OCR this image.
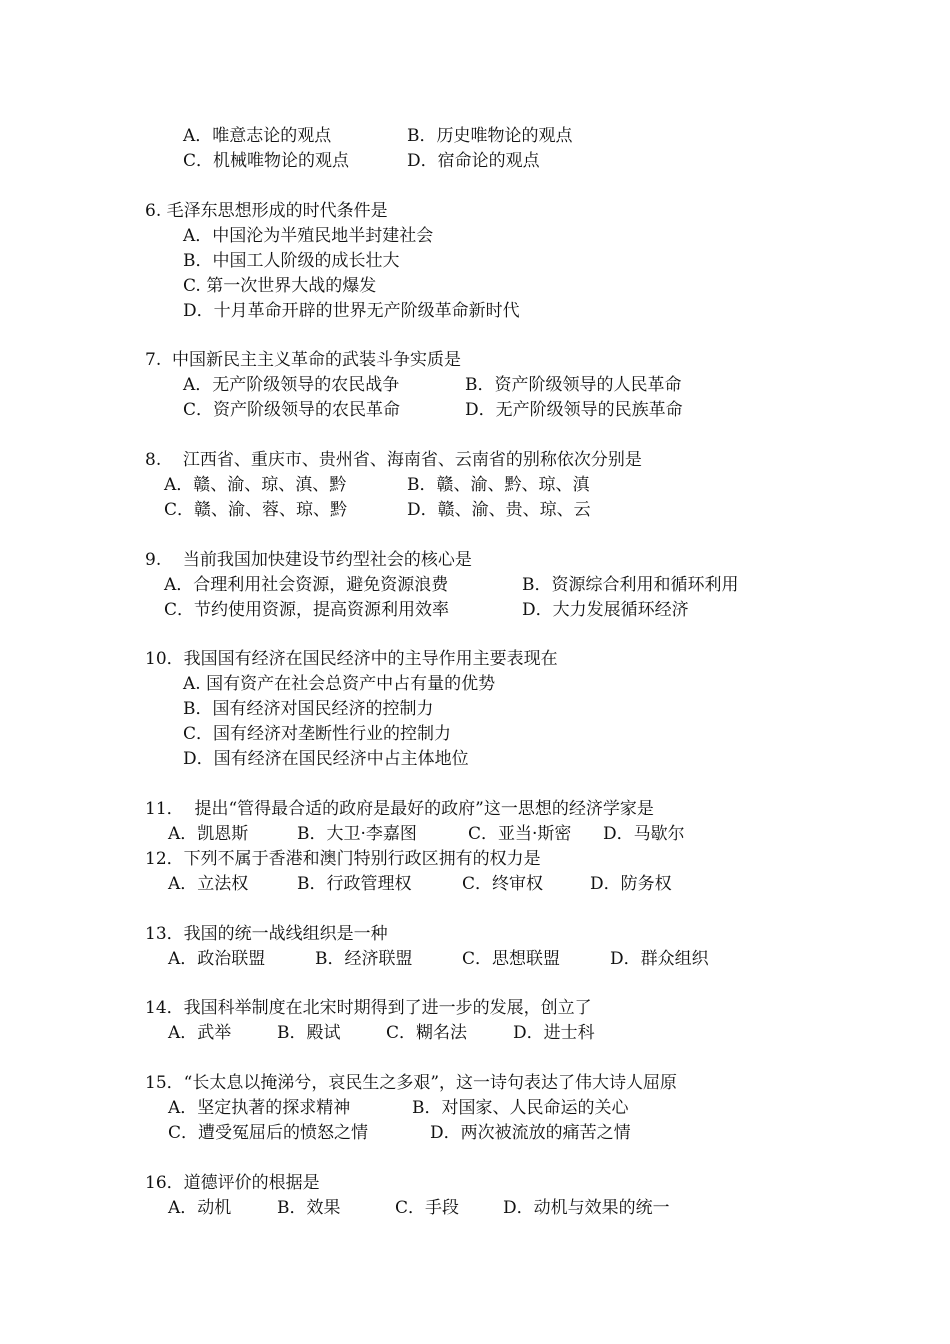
A．唯意志论的观点	B．历史唯物论的观点
C．机械唯物论的观点	D．宿命论的观点
6. 毛泽东思想形成的时代条件是
A．中国沦为半殖民地半封建社会
B．中国工人阶级的成长壮大
C. 第一次世界大战的爆发
D．十月革命开辟的世界无产阶级革命新时代
7.  中国新民主主义革命的武装斗争实质是
A．无产阶级领导的农民战争	B．资产阶级领导的人民革命
C．资产阶级领导的农民革命	D．无产阶级领导的民族革命
8.    江西省、重庆市、贵州省、海南省、云南省的别称依次分别是
A．赣、渝、琼、滇、黔	B．赣、渝、黔、琼、滇
C．赣、渝、蓉、琼、黔	D．赣、渝、贵、琼、云
9.    当前我国加快建设节约型社会的核心是
A．合理利用社会资源，避免资源浪费	B．资源综合利用和循环利用
C．节约使用资源，提高资源利用效率	D．大力发展循环经济
10．我国国有经济在国民经济中的主导作用主要表现在
A. 国有资产在社会总资产中占有量的优势
B．国有经济对国民经济的控制力
C．国有经济对垄断性行业的控制力
D．国有经济在国民经济中占主体地位
11．  提出“管得最合适的政府是最好的政府”这一思想的经济学家是
A．凯恩斯	B．大卫·李嘉图	C．亚当·斯密 D．马歇尔
12．下列不属于香港和澳门特别行政区拥有的权力是
A．立法权	B．行政管理权	C．终审权	D．防务权
13．我国的统一战线组织是一种
A．政治联盟	B．经济联盟	C．思想联盟	D．群众组织
14．我国科举制度在北宋时期得到了进一步的发展，创立了
A．武举	B．殿试	C．糊名法	D．进士科
15．“长太息以掩涕兮，哀民生之多艰”，这一诗句表达了伟大诗人屈原
A．坚定执著的探求精神	B．对国家、人民命运的关心
C．遭受冤屈后的愤怒之情	D．两次被流放的痛苦之情
16．道德评价的根据是
A．动机	B．效果	C．手段	D．动机与效果的统一
